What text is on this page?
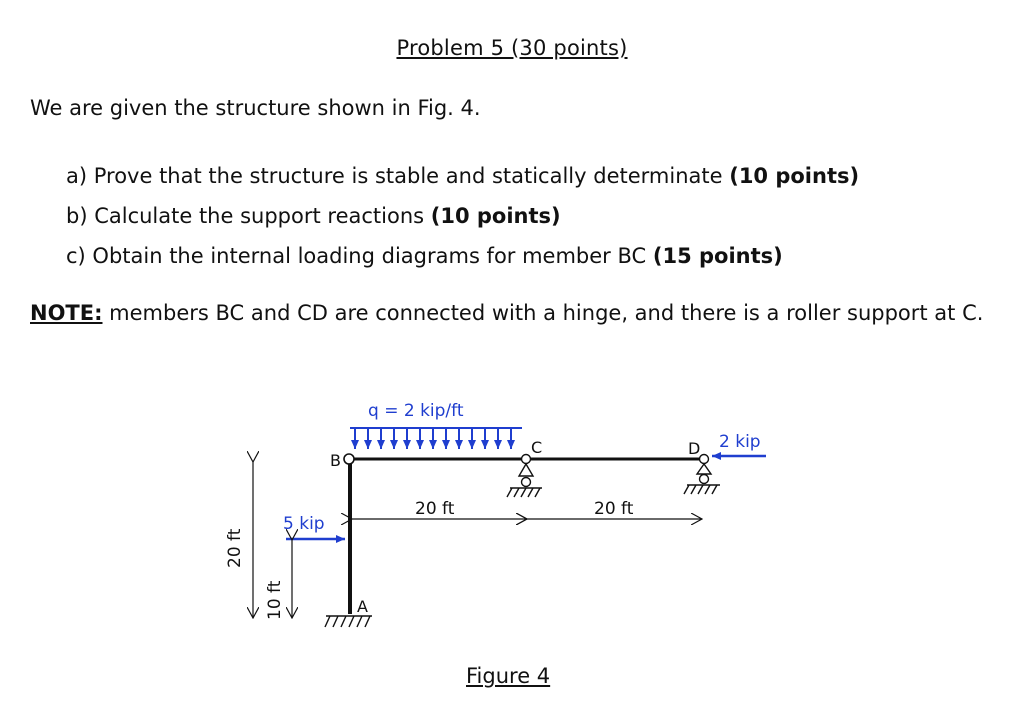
Problem 5 (30 points)
We are given the structure shown in Fig. 4.
a) Prove that the structure is stable and statically determinate (10 points)
b) Calculate the support reactions (10 points)
c) Obtain the internal loading diagrams for member BC (15 points)
NOTE: members BC and CD are connected with a hinge, and there is a roller support at C.
q = 2 kip/ft
2 kip
5 kip
B
C	D
A
20 ft	20 ft
20 ft
10 ft
Figure 4
